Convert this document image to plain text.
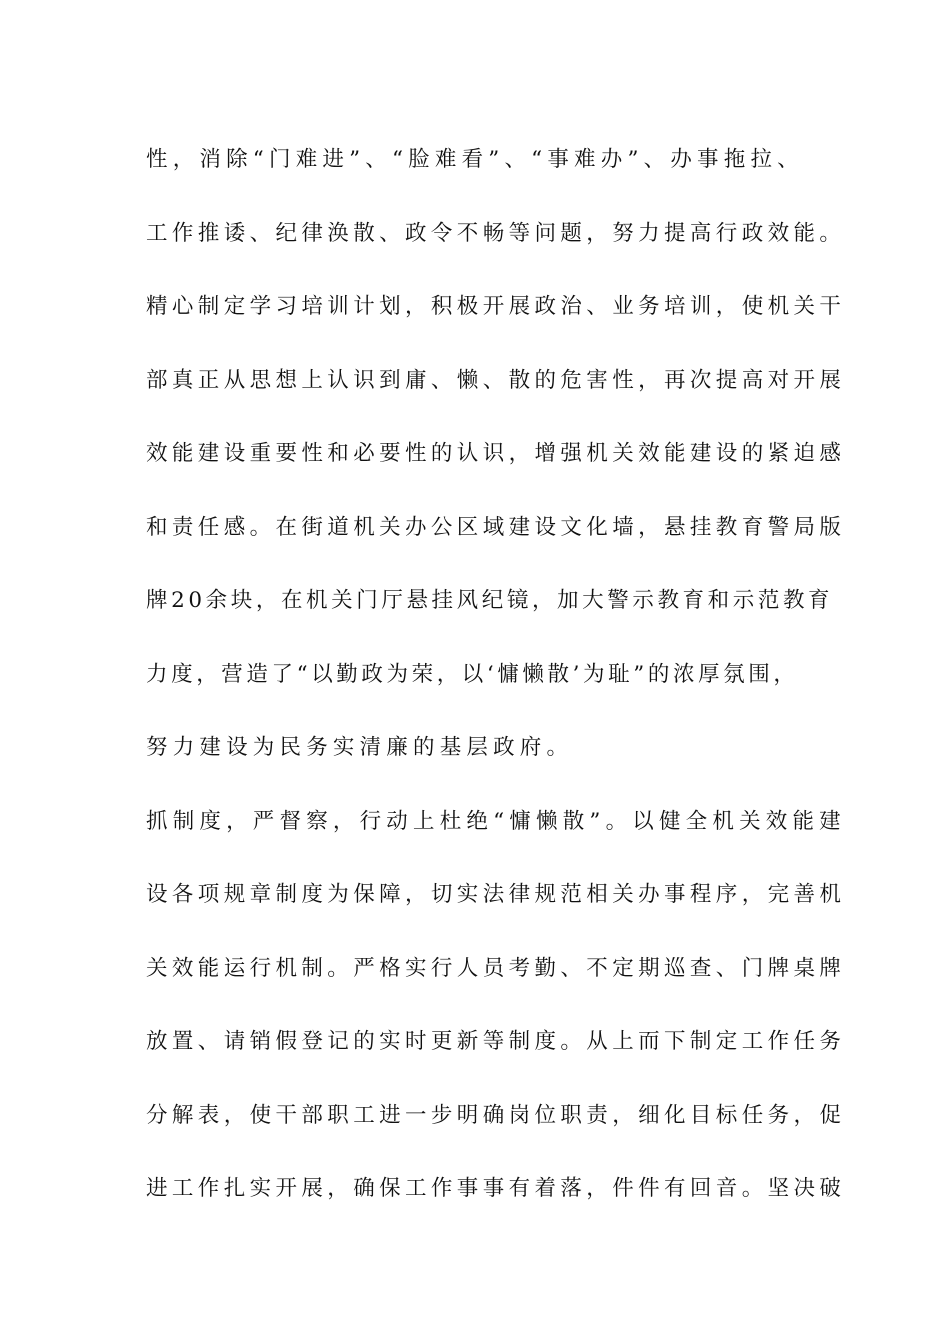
性，消除“门难进”、“脸难看”、“事难办”、办事拖拉、
工作推诿、纪律涣散、政令不畅等问题，努力提高行政效能。
精心制定学习培训计划，积极开展政治、业务培训，使机关干
部真正从思想上认识到庸、懒、散的危害性，再次提高对开展
效能建设重要性和必要性的认识，增强机关效能建设的紧迫感
和责任感。在街道机关办公区域建设文化墙，悬挂教育警局版
牌20余块，在机关门厅悬挂风纪镜，加大警示教育和示范教育
力度，营造了“以勤政为荣，以‘慵懒散’为耻”的浓厚氛围，
努力建设为民务实清廉的基层政府。
抓制度，严督察，行动上杜绝“慵懒散”。以健全机关效能建
设各项规章制度为保障，切实法律规范相关办事程序，完善机
关效能运行机制。严格实行人员考勤、不定期巡查、门牌桌牌
放置、请销假登记的实时更新等制度。从上而下制定工作任务
分解表，使干部职工进一步明确岗位职责，细化目标任务，促
进工作扎实开展，确保工作事事有着落，件件有回音。坚决破
